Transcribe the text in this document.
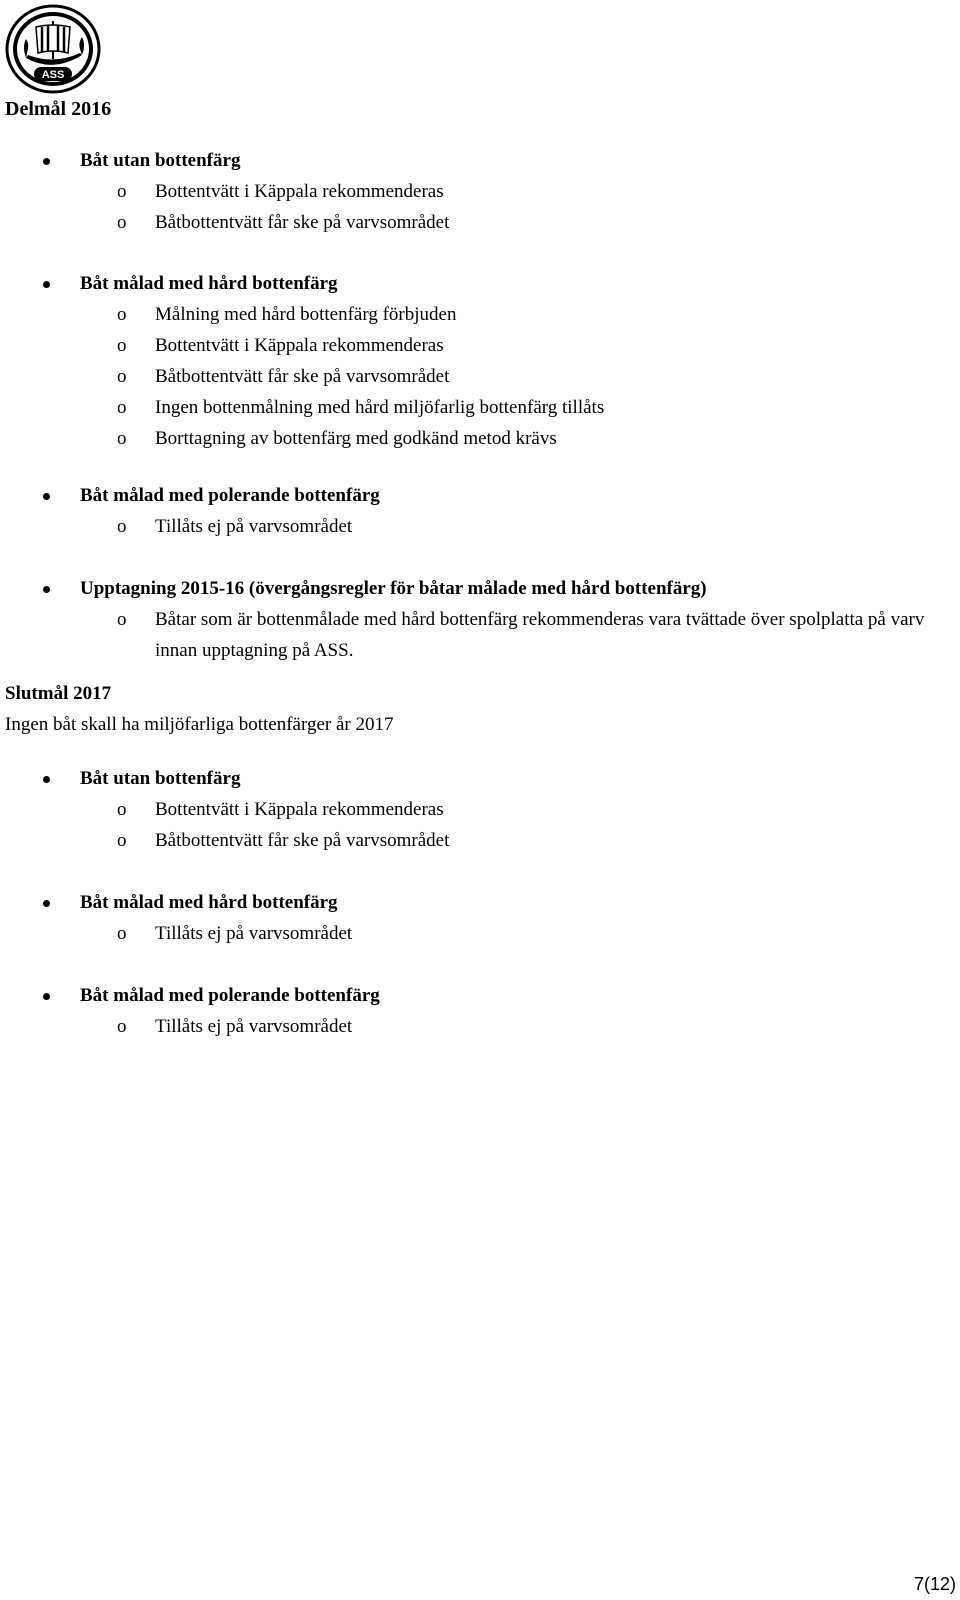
ASS
Delmål 2016
Båt utan bottenfärg
o Bottentvätt i Käppala rekommenderas
o Båtbottentvätt får ske på varvsområdet
Båt målad med hård bottenfärg
o Målning med hård bottenfärg förbjuden
o Bottentvätt i Käppala rekommenderas
o Båtbottentvätt får ske på varvsområdet
o Ingen bottenmålning med hård miljöfarlig bottenfärg tillåts
o Borttagning av bottenfärg med godkänd metod krävs
Båt målad med polerande bottenfärg
o Tillåts ej på varvsområdet
Upptagning 2015-16 (övergångsregler för båtar målade med hård bottenfärg)
o Båtar som är bottenmålade med hård bottenfärg rekommenderas vara tvättade över spolplatta på varv innan upptagning på ASS.
Slutmål 2017
Ingen båt skall ha miljöfarliga bottenfärger år 2017
Båt utan bottenfärg
o Bottentvätt i Käppala rekommenderas
o Båtbottentvätt får ske på varvsområdet
Båt målad med hård bottenfärg
o Tillåts ej på varvsområdet
Båt målad med polerande bottenfärg
o Tillåts ej på varvsområdet
7(12)
